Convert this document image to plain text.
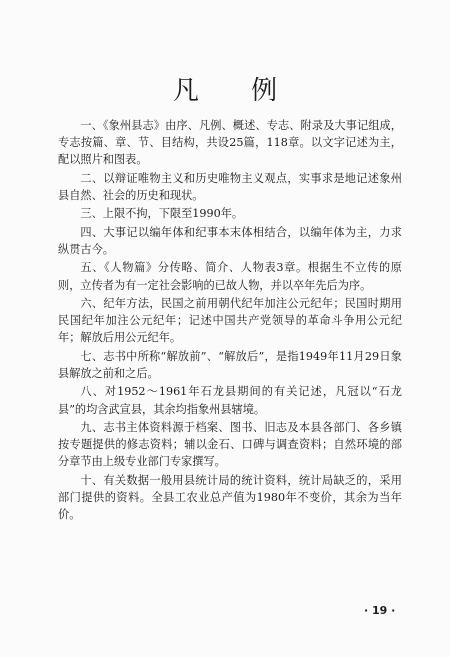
凡 例

一、《象州县志》由序、凡例、概述、专志、附录及大事记组成，专志按篇、章、节、目结构，共设25篇，118章。以文字记述为主，配以照片和图表。

二、以辩证唯物主义和历史唯物主义观点，实事求是地记述象州县自然、社会的历史和现状。

三、上限不拘，下限至1990年。

四、大事记以编年体和纪事本末体相结合，以编年体为主，力求纵贯古今。

五、《人物篇》分传略、简介、人物表3章。根据生不立传的原则，立传者为有一定社会影响的已故人物，并以卒年先后为序。

六、纪年方法，民国之前用朝代纪年加注公元纪年；民国时期用民国纪年加注公元纪年；记述中国共产党领导的革命斗争用公元纪年；解放后用公元纪年。

七、志书中所称“解放前”、“解放后”，是指1949年11月29日象县解放之前和之后。

八、对1952～1961年石龙县期间的有关记述，凡冠以“石龙县”的均含武宣县，其余均指象州县辖境。

九、志书主体资料源于档案、图书、旧志及本县各部门、各乡镇按专题提供的修志资料；辅以金石、口碑与调查资料；自然环境的部分章节由上级专业部门专家撰写。

十、有关数据一般用县统计局的统计资料，统计局缺乏的，采用部门提供的资料。全县工农业总产值为1980年不变价，其余为当年价。

· 19 ·
